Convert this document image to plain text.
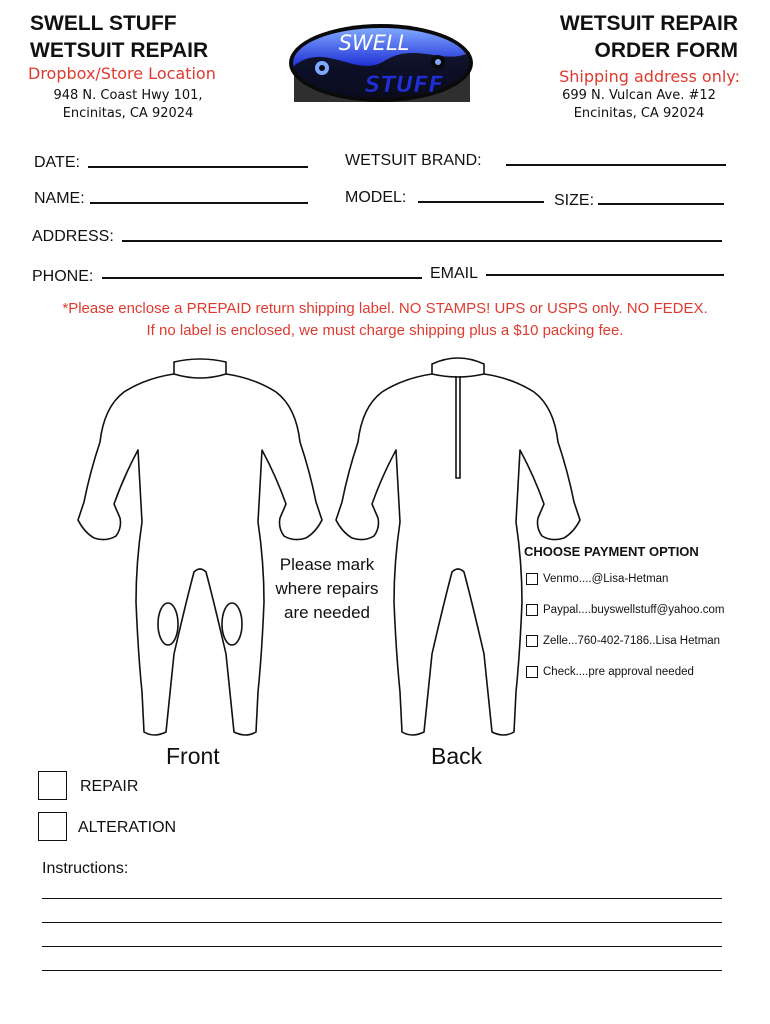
SWELL STUFF
WETSUIT REPAIR
Dropbox/Store Location
948 N. Coast Hwy 101,
Encinitas, CA 92024
SWELL
STUFF
WETSUIT REPAIR
ORDER FORM
Shipping address only:
699 N. Vulcan Ave. #12
Encinitas, CA 92024
DATE:	WETSUIT BRAND:
NAME:	MODEL:	SIZE:
ADDRESS:
PHONE:	EMAIL
*Please enclose a PREPAID return shipping label. NO STAMPS! UPS or USPS only. NO FEDEX.
If no label is enclosed, we must charge shipping plus a $10 packing fee.
Please mark
where repairs
are needed
Front	Back
CHOOSE PAYMENT OPTION
Venmo....@Lisa-Hetman
Paypal....buyswellstuff@yahoo.com
Zelle...760-402-7186..Lisa Hetman
Check....pre approval needed
REPAIR
ALTERATION
Instructions:
